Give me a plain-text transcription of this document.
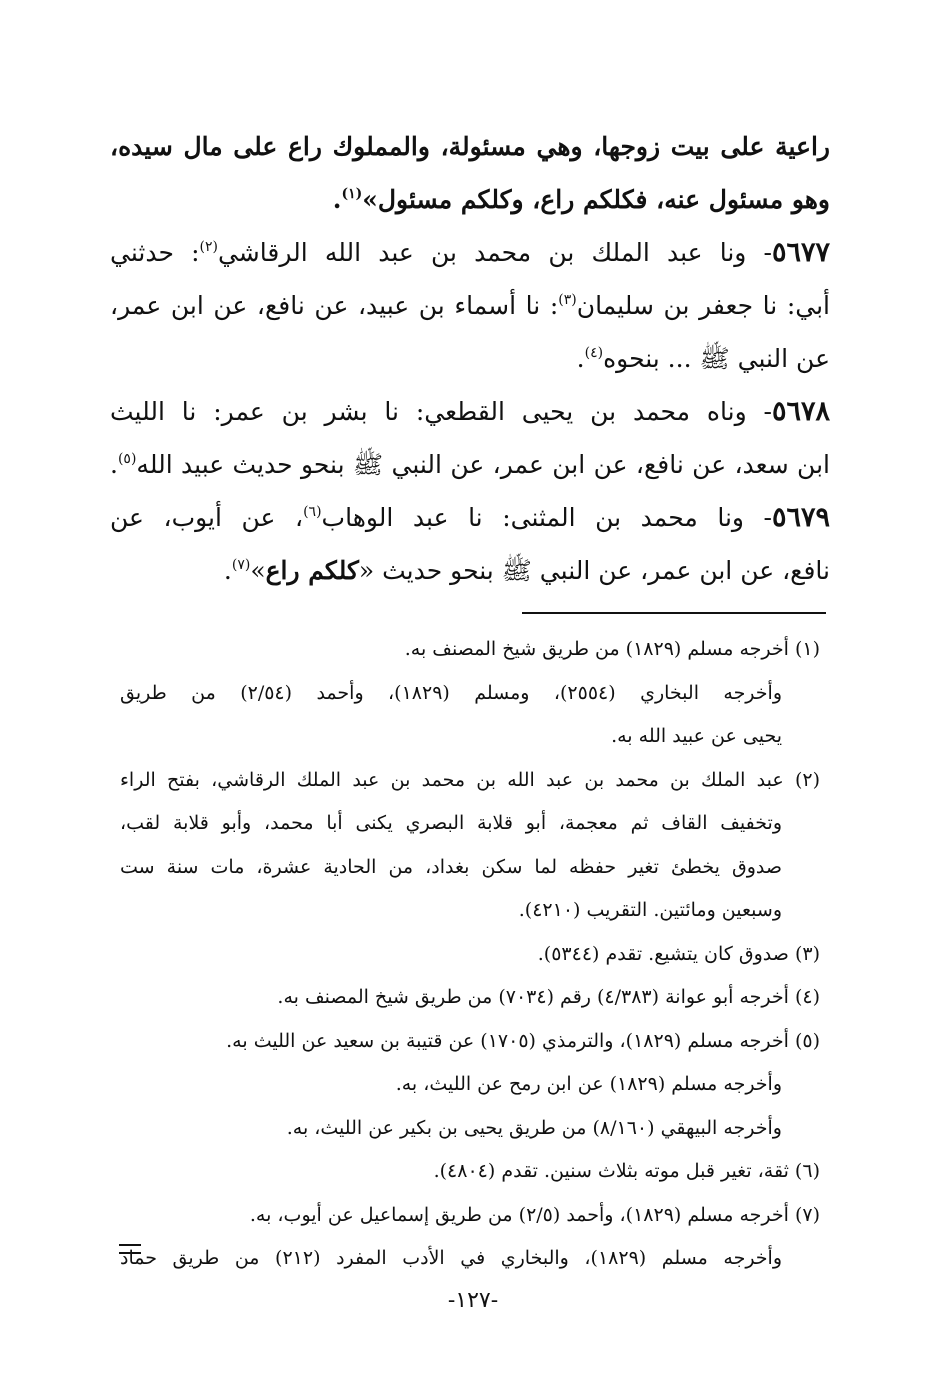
راعية على بيت زوجها، وهي مسئولة، والمملوك راع على مال سيده،
وهو مسئول عنه، فكلكم راع، وكلكم مسئول»$^{(١)}$.
٥٦٧٧- ونا عبد الملك بن محمد بن عبد الله الرقاشي$^{(٢)}$: حدثني
أبي: نا جعفر بن سليمان$^{(٣)}$: نا أسماء بن عبيد، عن نافع، عن ابن عمر،
عن النبي ﷺ ... بنحوه$^{(٤)}$.
٥٦٧٨- وناه محمد بن يحيى القطعي: نا بشر بن عمر: نا الليث
ابن سعد، عن نافع، عن ابن عمر، عن النبي ﷺ بنحو حديث عبيد الله$^{(٥)}$.
٥٦٧٩- ونا محمد بن المثنى: نا عبد الوهاب$^{(٦)}$، عن أيوب، عن
نافع، عن ابن عمر، عن النبي ﷺ بنحو حديث «كلكم راع»$^{(٧)}$.
(١) أخرجه مسلم (١٨٢٩) من طريق شيخ المصنف به.
وأخرجه البخاري (٢٥٥٤)، ومسلم (١٨٢٩)، وأحمد (٢/٥٤) من طريق
يحيى عن عبيد الله به.
(٢) عبد الملك بن محمد بن عبد الله بن محمد بن عبد الملك الرقاشي، بفتح الراء
وتخفيف القاف ثم معجمة، أبو قلابة البصري يكنى أبا محمد، وأبو قلابة لقب،
صدوق يخطئ تغير حفظه لما سكن بغداد، من الحادية عشرة، مات سنة ست
وسبعين ومائتين. التقريب (٤٢١٠).
(٣) صدوق كان يتشيع. تقدم (٥٣٤٤).
(٤) أخرجه أبو عوانة (٤/٣٨٣) رقم (٧٠٣٤) من طريق شيخ المصنف به.
(٥) أخرجه مسلم (١٨٢٩)، والترمذي (١٧٠٥) عن قتيبة بن سعيد عن الليث به.
وأخرجه مسلم (١٨٢٩) عن ابن رمح عن الليث، به.
وأخرجه البيهقي (٨/١٦٠) من طريق يحيى بن بكير عن الليث، به.
(٦) ثقة، تغير قبل موته بثلاث سنين. تقدم (٤٨٠٤).
(٧) أخرجه مسلم (١٨٢٩)، وأحمد (٢/٥) من طريق إسماعيل عن أيوب، به.
وأخرجه مسلم (١٨٢٩)، والبخاري في الأدب المفرد (٢١٢) من طريق حماد
-١٢٧-
